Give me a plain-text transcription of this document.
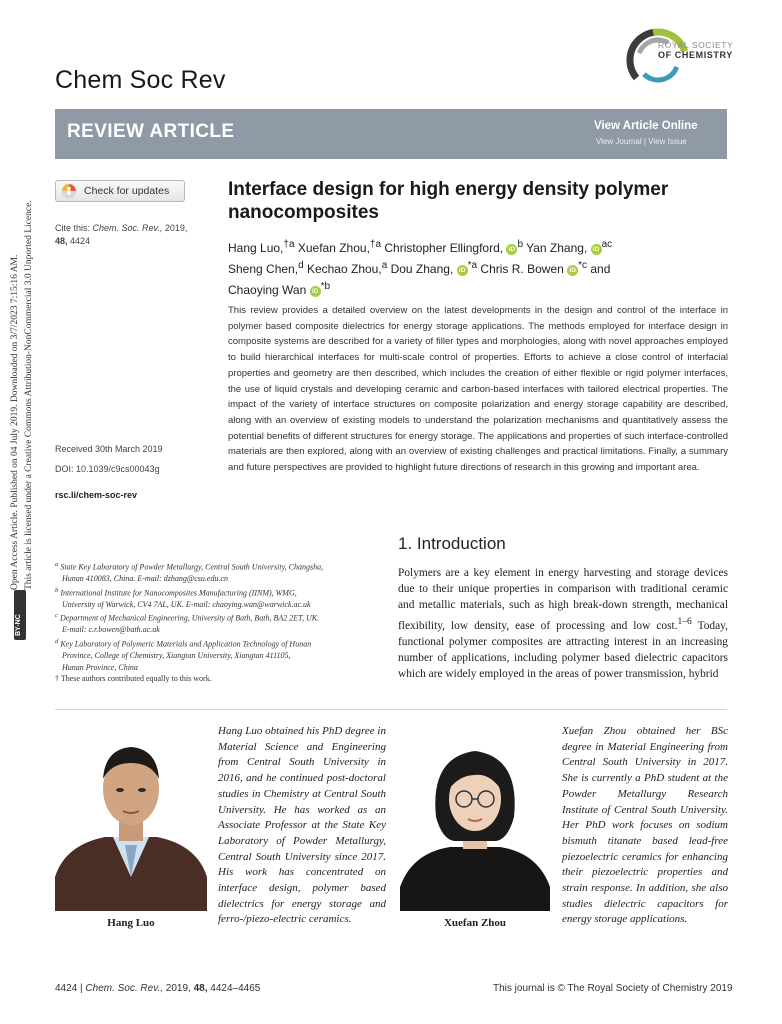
Chem Soc Rev
ROYAL SOCIETY
OF CHEMISTRY
REVIEW ARTICLE	View Article Online
View Journal | View Issue
Check for updates
Cite this: Chem. Soc. Rev., 2019,
48, 4424
Received 30th March 2019
DOI: 10.1039/c9cs00043g
rsc.li/chem-soc-rev
Interface design for high energy density polymer nanocomposites
Hang Luo,$^{\dagger a}$ Xuefan Zhou,$^{\dagger a}$ Christopher Ellingford, iD $^b$ Yan Zhang, iD $^{ac}$
Sheng Chen,$^d$ Kechao Zhou,$^a$ Dou Zhang, iD $^{*a}$ Chris R. Bowen iD $^{*c}$ and
Chaoying Wan iD $^{*b}$
This review provides a detailed overview on the latest developments in the design and control of the interface in polymer based composite dielectrics for energy storage applications. The methods employed for interface design in composite systems are described for a variety of filler types and morphologies, along with novel approaches employed to build hierarchical interfaces for multi-scale control of properties. Efforts to achieve a close control of interfacial properties and geometry are then described, which includes the creation of either flexible or rigid polymer interfaces, the use of liquid crystals and developing ceramic and carbon-based interfaces with tailored electrical properties. The impact of the variety of interface structures on composite polarization and energy storage capability are described, along with an overview of existing models to understand the polarization mechanisms and quantitatively assess the potential benefits of different structures for energy storage. The applications and properties of such interface-controlled materials are then explored, along with an overview of existing challenges and practical limitations. Finally, a summary and future perspectives are provided to highlight future directions of research in this growing and important area.

$^a$ State Key Laboratory of Powder Metallurgy, Central South University, Changsha,

Hunan 410083, China. E-mail: dzhang@csu.edu.cn

$^b$ International Institute for Nanocomposites Manufacturing (IINM), WMG,

University of Warwick, CV4 7AL, UK. E-mail: chaoying.wan@warwick.ac.uk

$^c$ Department of Mechanical Engineering, University of Bath, Bath, BA2 2ET, UK.

E-mail: c.r.bowen@bath.ac.uk

$^d$ Key Laboratory of Polymeric Materials and Application Technology of Hunan

Province, College of Chemistry, Xiangtan University, Xiangtan 411105,

Hunan Province, China

† These authors contributed equally to this work.

1. Introduction
Polymers are a key element in energy harvesting and storage devices due to their unique properties in comparison with traditional ceramic and metallic materials, such as high break-down strength, mechanical flexibility, low density, ease of processing and low cost.$^{1-6}$ Today, functional polymer composites are attracting interest in an increasing number of applications, including polymer based dielectric capacitors which are widely employed in the areas of power transmission, hybrid
Hang Luo
Hang Luo obtained his PhD degree in Material Science and Engineering from Central South University in 2016, and he continued post-doctoral studies in Chemistry at Central South University. He has worked as an Associate Professor at the State Key Laboratory of Powder Metallurgy, Central South University since 2017. His work has concentrated on interface design, polymer based dielectrics for energy storage and ferro-/piezo-electric ceramics.	Xuefan Zhou
Xuefan Zhou obtained her BSc degree in Material Engineering from Central South University in 2017. She is currently a PhD student at the Powder Metallurgy Research Institute of Central South University. Her PhD work focuses on sodium bismuth titanate based lead-free piezoelectric ceramics for enhancing their piezoelectric properties and strain response. In addition, she also studies dielectric capacitors for energy storage applications.
Open Access Article. Published on 04 July 2019. Downloaded on 3/7/2023 7:15:16 AM. This article is licensed under a Creative Commons Attribution-NonCommercial 3.0 Unported Licence.
BY-NC
4424 | Chem. Soc. Rev., 2019, 48, 4424–4465	This journal is © The Royal Society of Chemistry 2019
